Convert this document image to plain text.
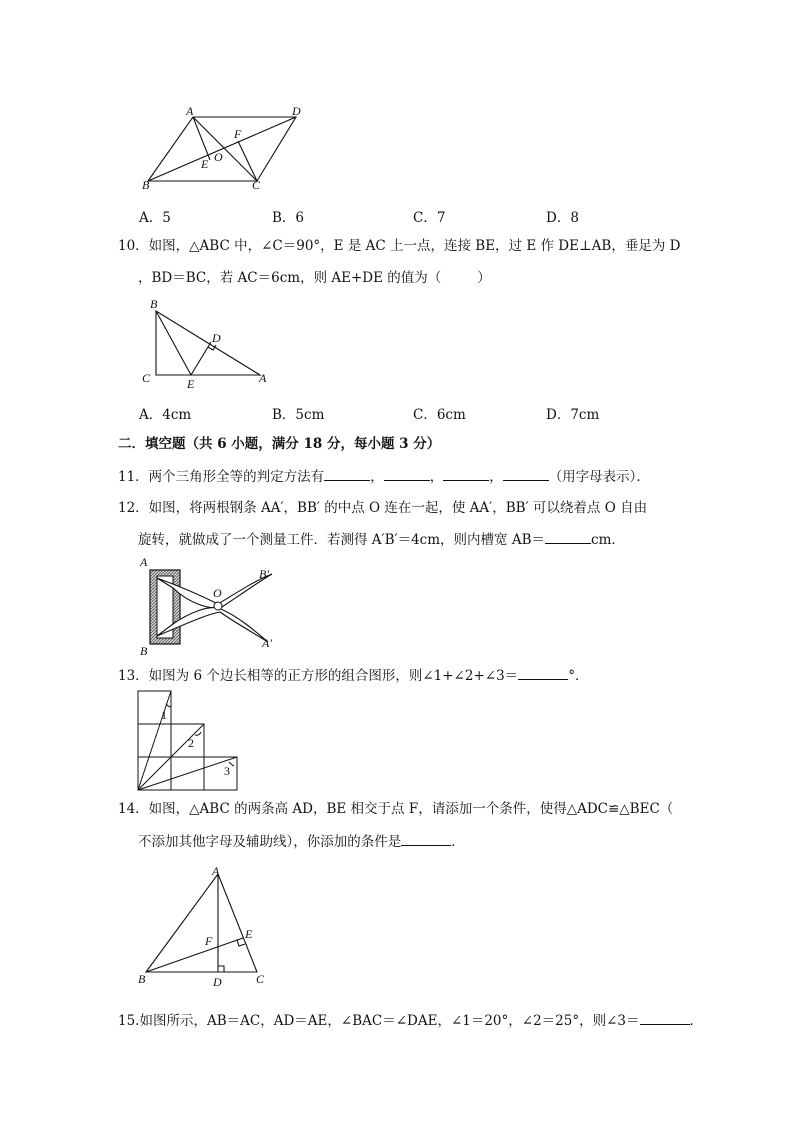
A	D
F
E O
B	C
A．5	B．6	C．7	D．8
10．如图，△ABC 中，∠C＝90°，E 是 AC 上一点，连接 BE，过 E 作 DE⊥AB，垂足为 D
，BD＝BC，若 AC＝6cm，则 AE+DE 的值为（	）
B
D
C	E	A
A．4cm	B．5cm	C．6cm	D．7cm
二．填空题（共 6 小题，满分 18 分，每小题 3 分）
11．两个三角形全等的判定方法有	，	，	，	（用字母表示）．
12．如图，将两根钢条 AA′，BB′ 的中点 O 连在一起，使 AA′，BB′ 可以绕着点 O 自由
旋转，就做成了一个测量工件．若测得 A′B′＝4cm，则内槽宽 AB＝	cm．
A
B′
O
A′
B
13．如图为 6 个边长相等的正方形的组合图形，则∠1+∠2+∠3＝	°．
1
2
3
14．如图，△ABC 的两条高 AD，BE 相交于点 F，请添加一个条件，使得△ADC≌△BEC（
不添加其他字母及辅助线），你添加的条件是	．
A
F	E
B	D	C
15.如图所示，AB＝AC，AD＝AE，∠BAC＝∠DAE，∠1＝20°，∠2＝25°，则∠3＝	．
